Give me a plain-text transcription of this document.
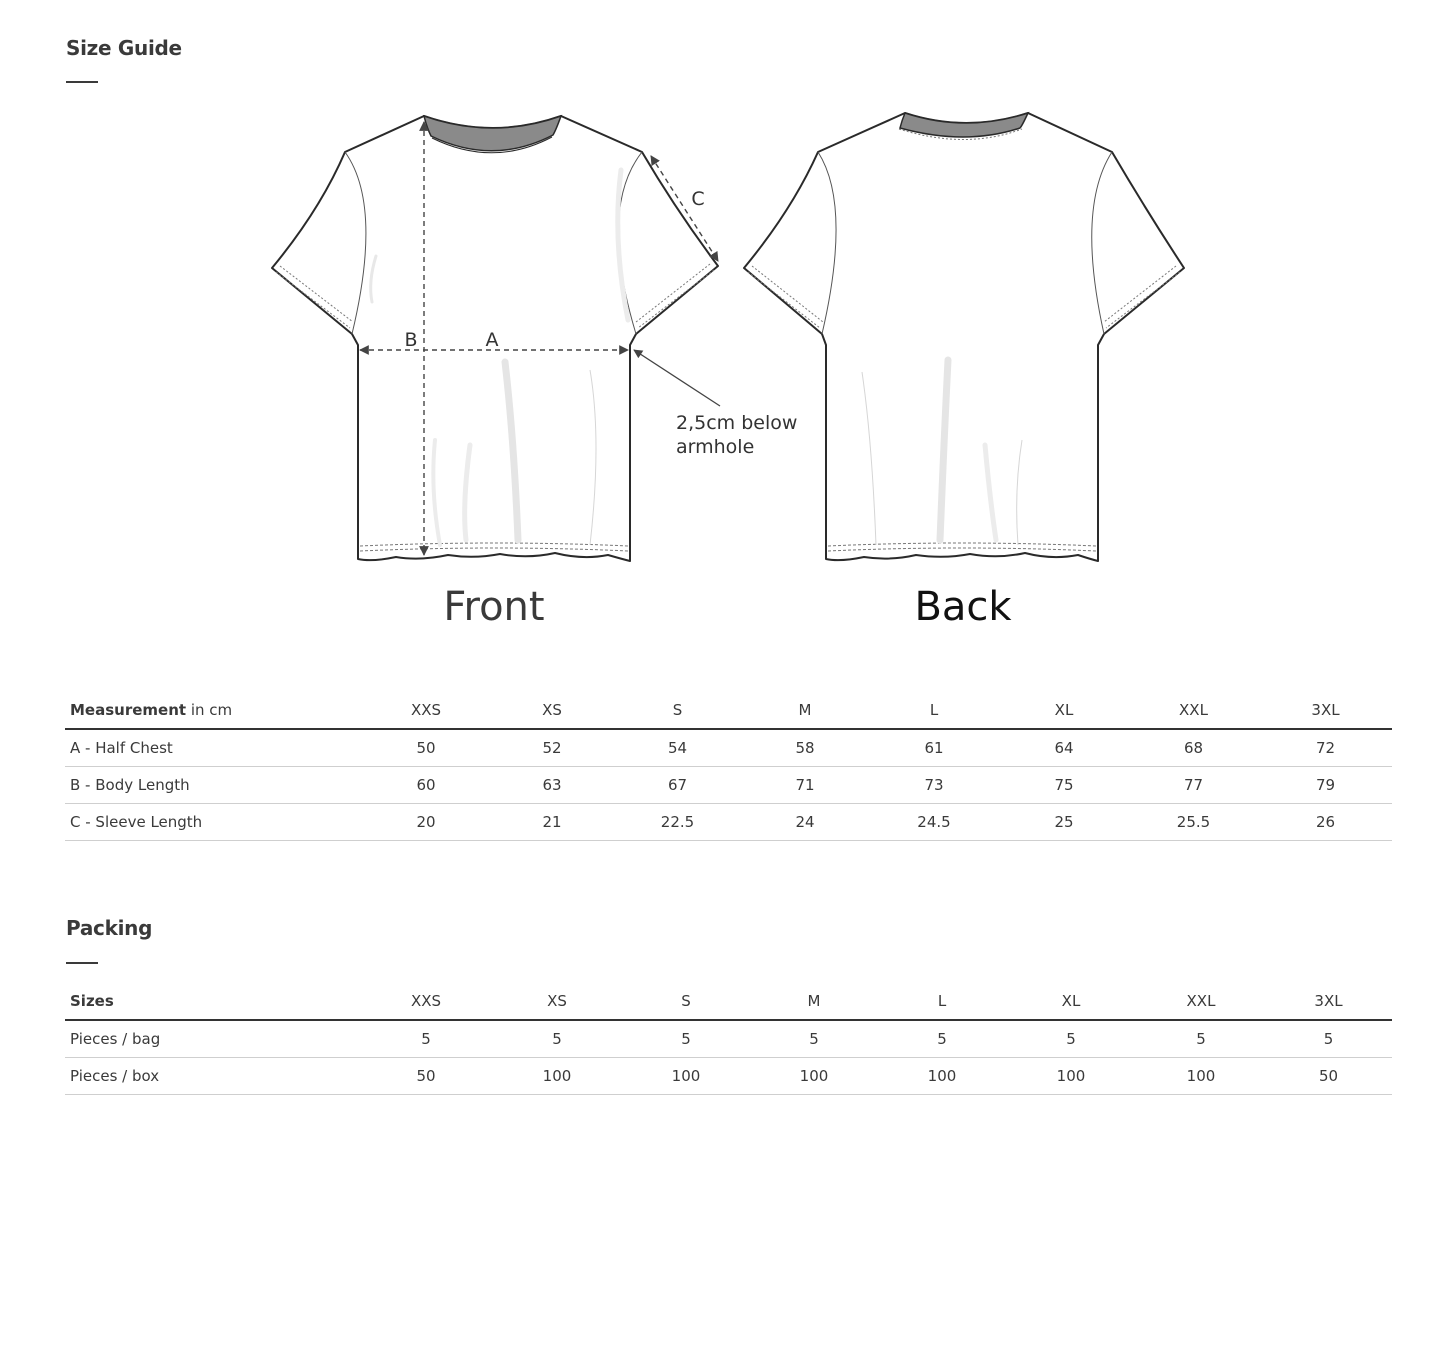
Size Guide
B	A
C
2,5cm below
armhole
Front	Back
Measurement in cm	XXS	XS	S	M	L	XL	XXL	3XL
A - Half Chest	50	52	54	58	61	64	68	72
B - Body Length	60	63	67	71	73	75	77	79
C - Sleeve Length	20	21	22.5	24	24.5	25	25.5	26
Packing
Sizes	XXS	XS	S	M	L	XL	XXL	3XL
Pieces / bag	5	5	5	5	5	5	5	5
Pieces / box	50	100	100	100	100	100	100	50
